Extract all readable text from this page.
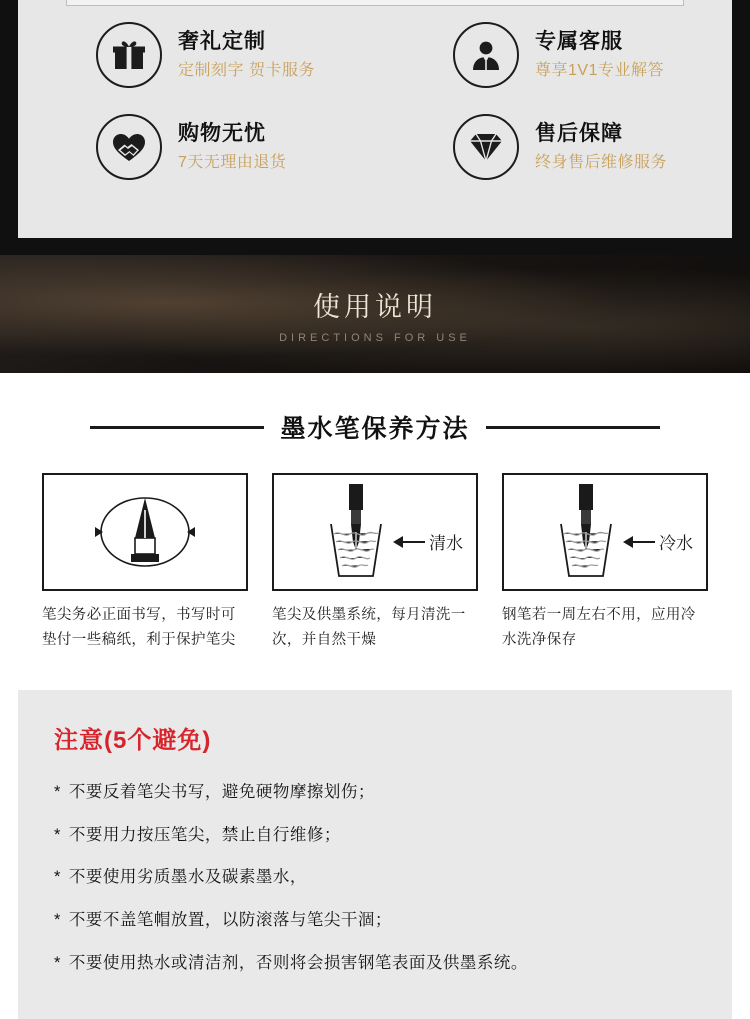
奢礼定制
定制刻字 贺卡服务
专属客服
尊享1V1专业解答
购物无忧
7天无理由退货
售后保障
终身售后维修服务
使用说明
DIRECTIONS FOR USE
墨水笔保养方法
笔尖务必正面书写，书写时可垫付一些稿纸，利于保护笔尖
清水
笔尖及供墨系统，每月清洗一次，并自然干燥
冷水
钢笔若一周左右不用，应用冷水洗净保存
注意(5个避免)
* 不要反着笔尖书写，避免硬物摩擦划伤；
* 不要用力按压笔尖，禁止自行维修；
* 不要使用劣质墨水及碳素墨水，
* 不要不盖笔帽放置，以防滚落与笔尖干涸；
* 不要使用热水或清洁剂，否则将会损害钢笔表面及供墨系统。
